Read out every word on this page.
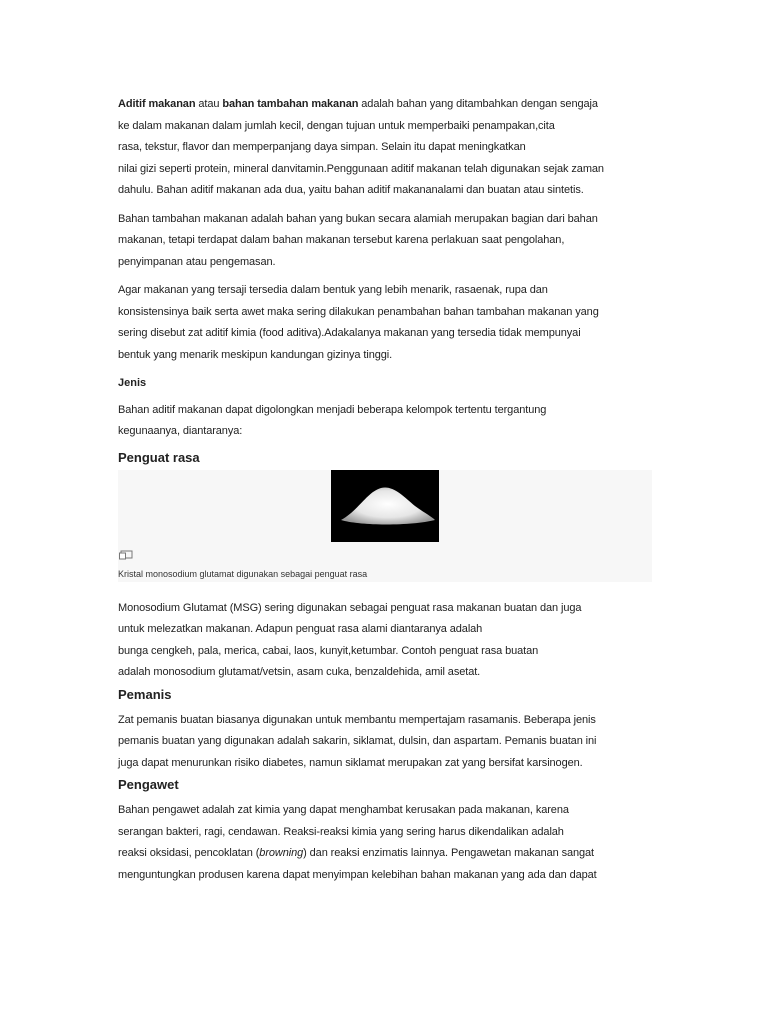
Aditif makanan atau bahan tambahan makanan adalah bahan yang ditambahkan dengan sengaja

ke dalam makanan dalam jumlah kecil, dengan tujuan untuk memperbaiki penampakan,cita

rasa, tekstur, flavor dan memperpanjang daya simpan. Selain itu dapat meningkatkan

nilai gizi seperti protein, mineral danvitamin.Penggunaan aditif makanan telah digunakan sejak zaman

dahulu. Bahan aditif makanan ada dua, yaitu bahan aditif makananalami dan buatan atau sintetis.

Bahan tambahan makanan adalah bahan yang bukan secara alamiah merupakan bagian dari bahan

makanan, tetapi terdapat dalam bahan makanan tersebut karena perlakuan saat pengolahan,

penyimpanan atau pengemasan.

Agar makanan yang tersaji tersedia dalam bentuk yang lebih menarik, rasaenak, rupa dan

konsistensinya baik serta awet maka sering dilakukan penambahan bahan tambahan makanan yang

sering disebut zat aditif kimia (food aditiva).Adakalanya makanan yang tersedia tidak mempunyai

bentuk yang menarik meskipun kandungan gizinya tinggi.

Jenis

Bahan aditif makanan dapat digolongkan menjadi beberapa kelompok tertentu tergantung

kegunaanya, diantaranya:

Penguat rasa
Kristal monosodium glutamat digunakan sebagai penguat rasa

Monosodium Glutamat (MSG) sering digunakan sebagai penguat rasa makanan buatan dan juga

untuk melezatkan makanan. Adapun penguat rasa alami diantaranya adalah

bunga cengkeh, pala, merica, cabai, laos, kunyit,ketumbar. Contoh penguat rasa buatan

adalah monosodium glutamat/vetsin, asam cuka, benzaldehida, amil asetat.

Pemanis

Zat pemanis buatan biasanya digunakan untuk membantu mempertajam rasamanis. Beberapa jenis

pemanis buatan yang digunakan adalah sakarin, siklamat, dulsin, dan aspartam. Pemanis buatan ini

juga dapat menurunkan risiko diabetes, namun siklamat merupakan zat yang bersifat karsinogen.

Pengawet

Bahan pengawet adalah zat kimia yang dapat menghambat kerusakan pada makanan, karena

serangan bakteri, ragi, cendawan. Reaksi-reaksi kimia yang sering harus dikendalikan adalah

reaksi oksidasi, pencoklatan (browning) dan reaksi enzimatis lainnya. Pengawetan makanan sangat

menguntungkan produsen karena dapat menyimpan kelebihan bahan makanan yang ada dan dapat
